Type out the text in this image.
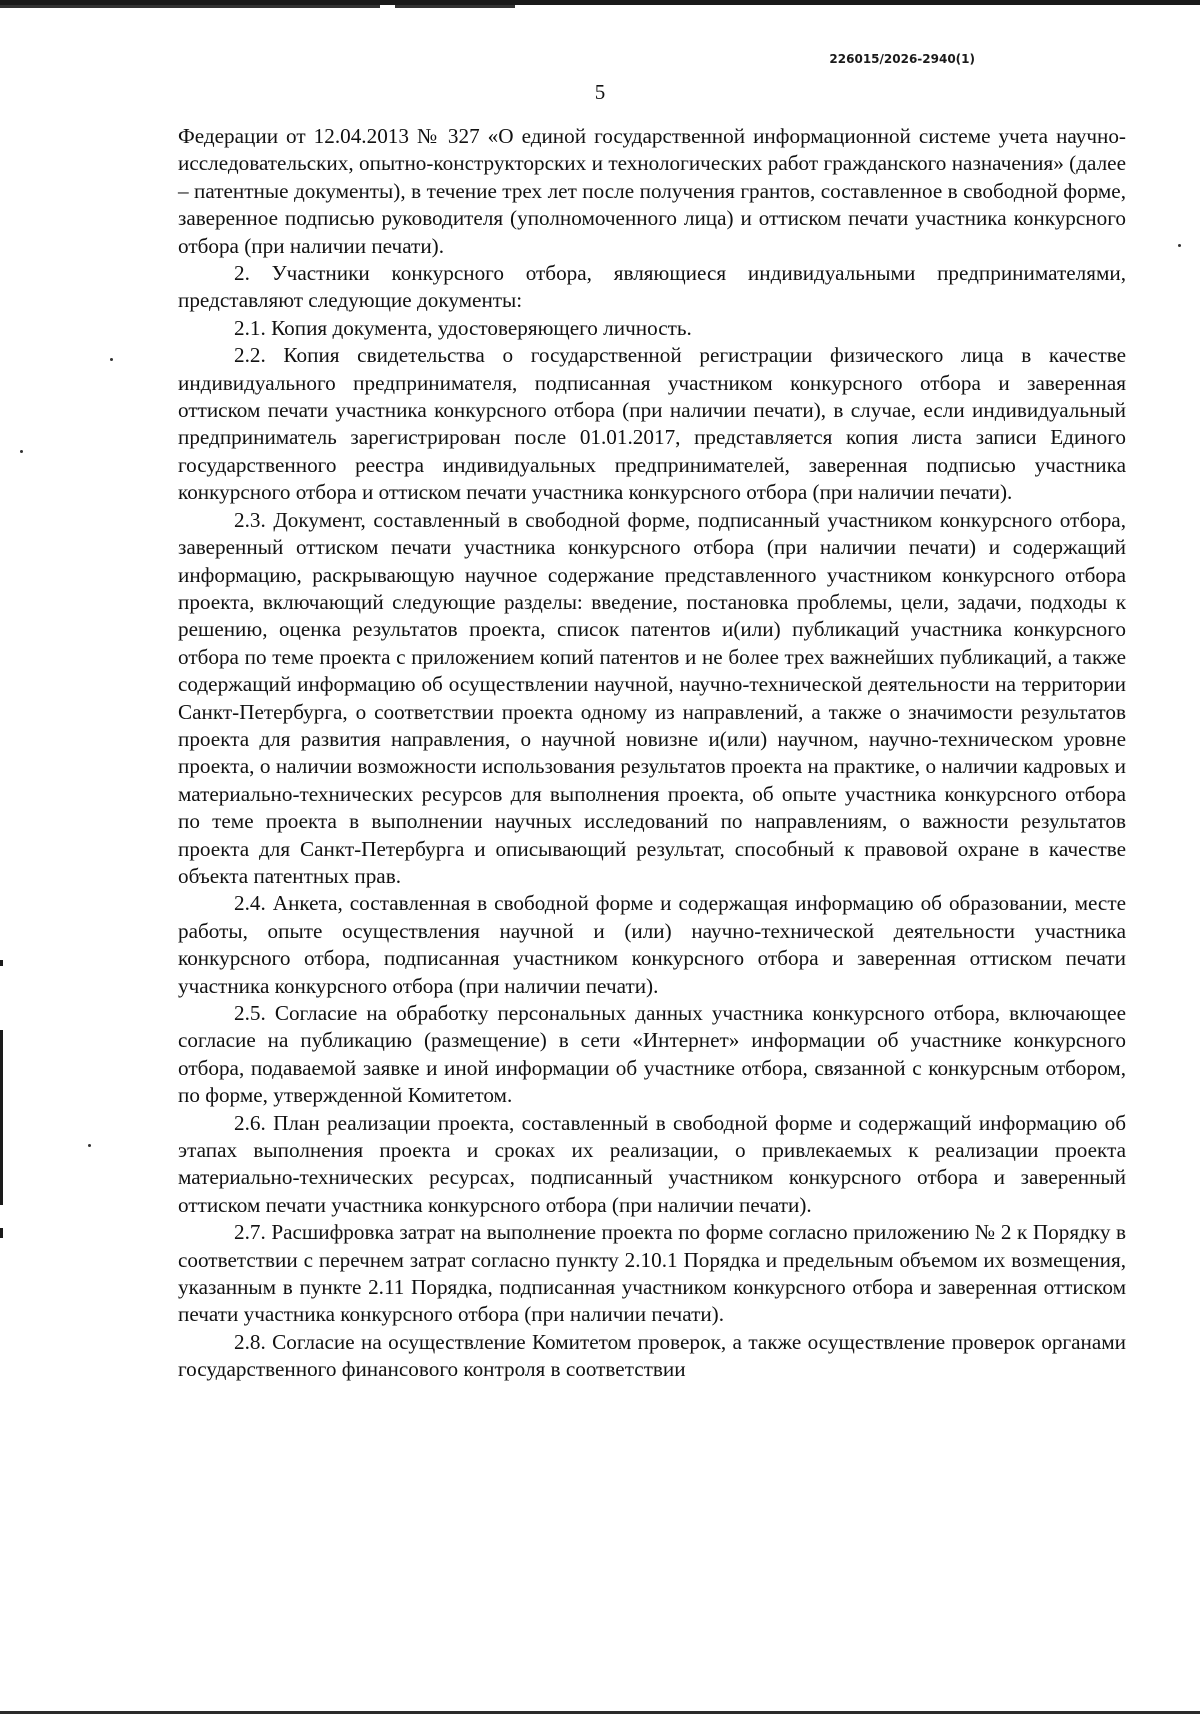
226015/2026-2940(1)
5

Федерации от 12.04.2013 № 327 «О единой государственной информационной системе учета научно-исследовательских, опытно-конструкторских и технологических работ гражданского назначения» (далее – патентные документы), в течение трех лет после получения грантов, составленное в свободной форме, заверенное подписью руководителя (уполномоченного лица) и оттиском печати участника конкурсного отбора (при наличии печати).

2. Участники конкурсного отбора, являющиеся индивидуальными предпринимателями, представляют следующие документы:

2.1. Копия документа, удостоверяющего личность.

2.2. Копия свидетельства о государственной регистрации физического лица в качестве индивидуального предпринимателя, подписанная участником конкурсного отбора и заверенная оттиском печати участника конкурсного отбора (при наличии печати), в случае, если индивидуальный предприниматель зарегистрирован после 01.01.2017, представляется копия листа записи Единого государственного реестра индивидуальных предпринимателей, заверенная подписью участника конкурсного отбора и оттиском печати участника конкурсного отбора (при наличии печати).

2.3. Документ, составленный в свободной форме, подписанный участником конкурсного отбора, заверенный оттиском печати участника конкурсного отбора (при наличии печати) и содержащий информацию, раскрывающую научное содержание представленного участником конкурсного отбора проекта, включающий следующие разделы: введение, постановка проблемы, цели, задачи, подходы к решению, оценка результатов проекта, список патентов и(или) публикаций участника конкурсного отбора по теме проекта с приложением копий патентов и не более трех важнейших публикаций, а также содержащий информацию об осуществлении научной, научно-технической деятельности на территории Санкт-Петербурга, о соответствии проекта одному из направлений, а также о значимости результатов проекта для развития направления, о научной новизне и(или) научном, научно-техническом уровне проекта, о наличии возможности использования результатов проекта на практике, о наличии кадровых и материально-технических ресурсов для выполнения проекта, об опыте участника конкурсного отбора по теме проекта в выполнении научных исследований по направлениям, о важности результатов проекта для Санкт-Петербурга и описывающий результат, способный к правовой охране в качестве объекта патентных прав.

2.4. Анкета, составленная в свободной форме и содержащая информацию об образовании, месте работы, опыте осуществления научной и (или) научно-технической деятельности участника конкурсного отбора, подписанная участником конкурсного отбора и заверенная оттиском печати участника конкурсного отбора (при наличии печати).

2.5. Согласие на обработку персональных данных участника конкурсного отбора, включающее согласие на публикацию (размещение) в сети «Интернет» информации об участнике конкурсного отбора, подаваемой заявке и иной информации об участнике отбора, связанной с конкурсным отбором, по форме, утвержденной Комитетом.

2.6. План реализации проекта, составленный в свободной форме и содержащий информацию об этапах выполнения проекта и сроках их реализации, о привлекаемых к реализации проекта материально-технических ресурсах, подписанный участником конкурсного отбора и заверенный оттиском печати участника конкурсного отбора (при наличии печати).

2.7. Расшифровка затрат на выполнение проекта по форме согласно приложению № 2 к Порядку в соответствии с перечнем затрат согласно пункту 2.10.1 Порядка и предельным объемом их возмещения, указанным в пункте 2.11 Порядка, подписанная участником конкурсного отбора и заверенная оттиском печати участника конкурсного отбора (при наличии печати).

2.8. Согласие на осуществление Комитетом проверок, а также осуществление проверок органами государственного финансового контроля в соответствии
